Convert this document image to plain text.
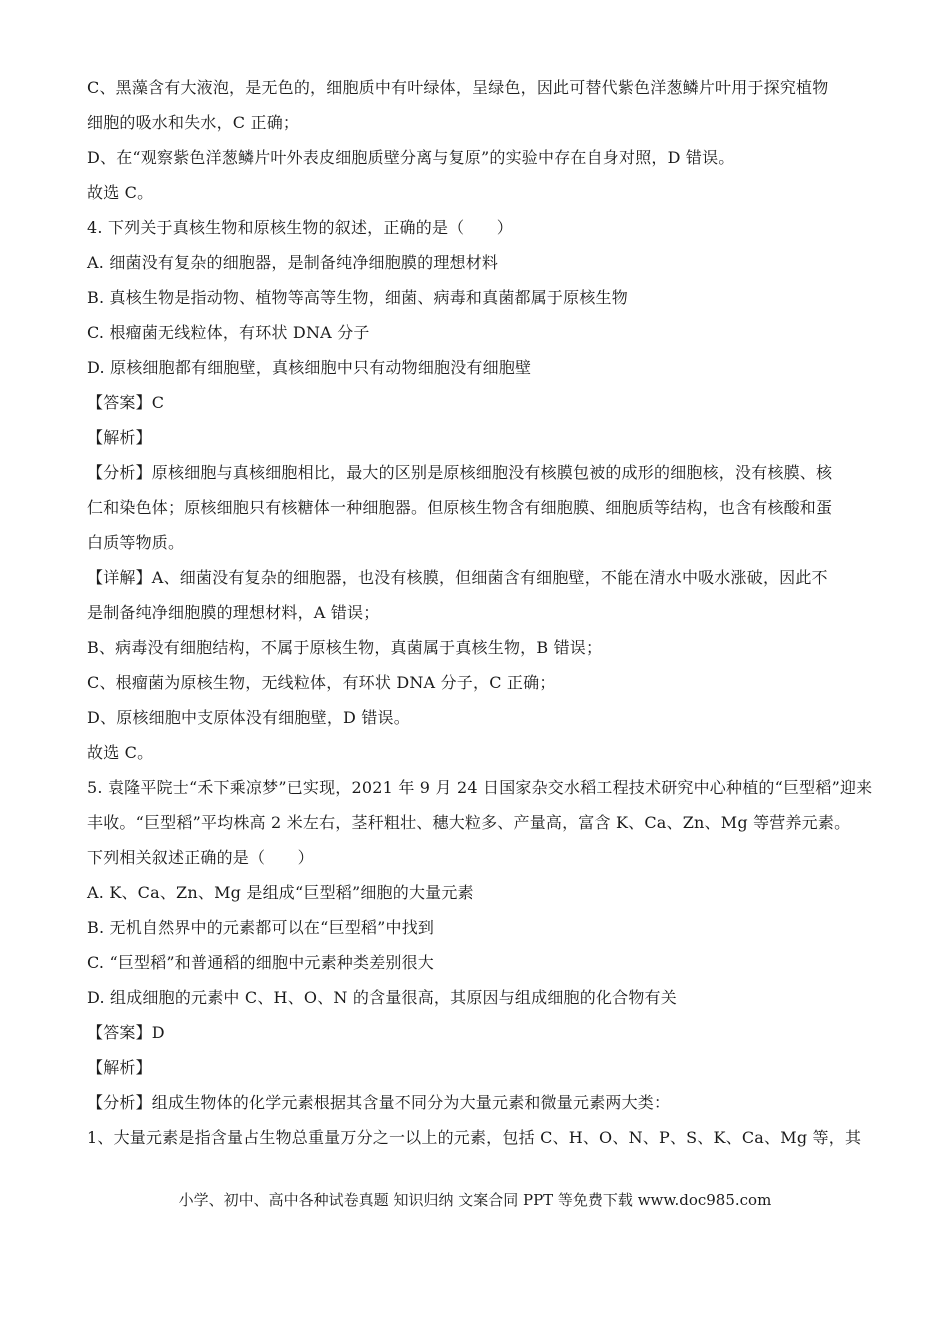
C、黑藻含有大液泡，是无色的，细胞质中有叶绿体，呈绿色，因此可替代紫色洋葱鳞片叶用于探究植物
细胞的吸水和失水，C 正确；
D、在“观察紫色洋葱鳞片叶外表皮细胞质壁分离与复原”的实验中存在自身对照，D 错误。
故选 C。
4. 下列关于真核生物和原核生物的叙述，正确的是（　　）
A. 细菌没有复杂的细胞器，是制备纯净细胞膜的理想材料
B. 真核生物是指动物、植物等高等生物，细菌、病毒和真菌都属于原核生物
C. 根瘤菌无线粒体，有环状 DNA 分子
D. 原核细胞都有细胞壁，真核细胞中只有动物细胞没有细胞壁
【答案】C
【解析】
【分析】原核细胞与真核细胞相比，最大的区别是原核细胞没有核膜包被的成形的细胞核，没有核膜、核
仁和染色体；原核细胞只有核糖体一种细胞器。但原核生物含有细胞膜、细胞质等结构，也含有核酸和蛋
白质等物质。
【详解】A、细菌没有复杂的细胞器，也没有核膜，但细菌含有细胞壁，不能在清水中吸水涨破，因此不
是制备纯净细胞膜的理想材料，A 错误；
B、病毒没有细胞结构，不属于原核生物，真菌属于真核生物，B 错误；
C、根瘤菌为原核生物，无线粒体，有环状 DNA 分子，C 正确；
D、原核细胞中支原体没有细胞壁，D 错误。
故选 C。
5. 袁隆平院士“禾下乘凉梦”已实现，2021 年 9 月 24 日国家杂交水稻工程技术研究中心种植的“巨型稻”迎来
丰收。“巨型稻”平均株高 2 米左右，茎秆粗壮、穗大粒多、产量高，富含 K、Ca、Zn、Mg 等营养元素。
下列相关叙述正确的是（　　）
A. K、Ca、Zn、Mg 是组成“巨型稻”细胞的大量元素
B. 无机自然界中的元素都可以在“巨型稻”中找到
C. “巨型稻”和普通稻的细胞中元素种类差别很大
D. 组成细胞的元素中 C、H、O、N 的含量很高，其原因与组成细胞的化合物有关
【答案】D
【解析】
【分析】组成生物体的化学元素根据其含量不同分为大量元素和微量元素两大类：
1、大量元素是指含量占生物总重量万分之一以上的元素，包括 C、H、O、N、P、S、K、Ca、Mg 等，其
小学、初中、高中各种试卷真题 知识归纳 文案合同 PPT 等免费下载 www.doc985.com
